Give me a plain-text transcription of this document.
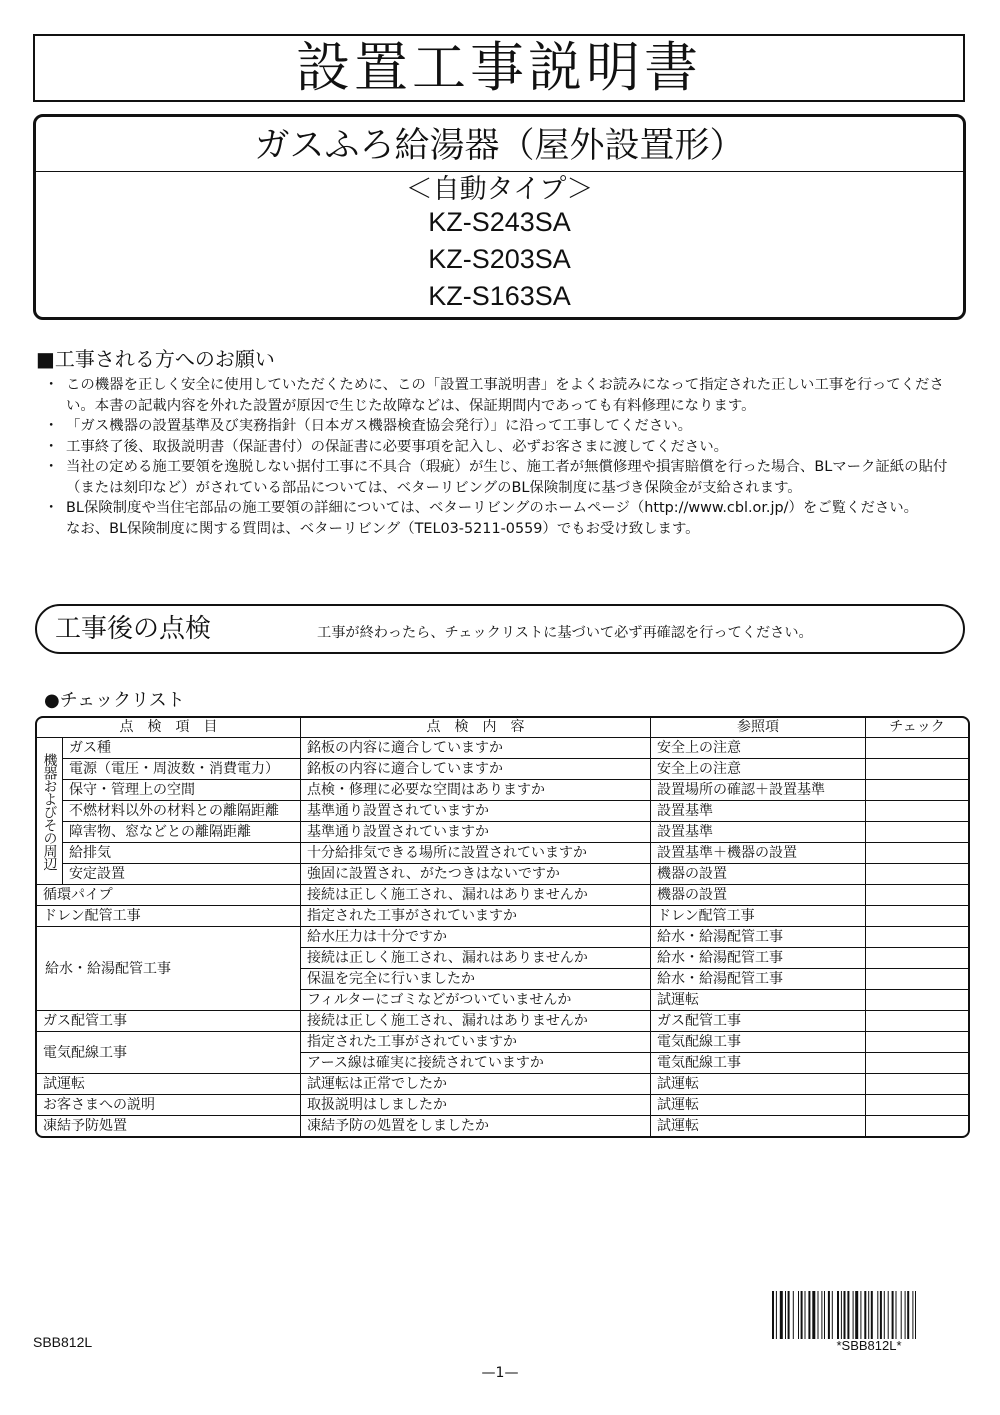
設置工事説明書
ガスふろ給湯器（屋外設置形）
＜自動タイプ＞
KZ-S243SA
KZ-S203SA
KZ-S163SA
■工事される方へのお願い
・ この機器を正しく安全に使用していただくために、この「設置工事説明書」をよくお読みになって指定された正しい工事を行ってください。本書の記載内容を外れた設置が原因で生じた故障などは、保証期間内であっても有料修理になります。
・ 「ガス機器の設置基準及び実務指針（日本ガス機器検査協会発行）」に沿って工事してください。
・ 工事終了後、取扱説明書（保証書付）の保証書に必要事項を記入し、必ずお客さまに渡してください。
・ 当社の定める施工要領を逸脱しない据付工事に不具合（瑕疵）が生じ、施工者が無償修理や損害賠償を行った場合、BLマーク証紙の貼付（または刻印など）がされている部品については、ベターリビングのBL保険制度に基づき保険金が支給されます。
・ BL保険制度や当住宅部品の施工要領の詳細については、ベターリビングのホームページ（http://www.cbl.or.jp/）をご覧ください。
なお、BL保険制度に関する質問は、ベターリビング（TEL03-5211-0559）でもお受け致します。
工事後の点検	工事が終わったら、チェックリストに基づいて必ず再確認を行ってください。
●チェックリスト
点　検　項　目		点　検　内　容	参照項	チェック
機器およびその周辺	ガス種	銘板の内容に適合していますか	安全上の注意	
	電源（電圧・周波数・消費電力）	銘板の内容に適合していますか	安全上の注意	
	保守・管理上の空間	点検・修理に必要な空間はありますか	設置場所の確認＋設置基準	
	不燃材料以外の材料との離隔距離	基準通り設置されていますか	設置基準	
	障害物、窓などとの離隔距離	基準通り設置されていますか	設置基準	
	給排気	十分給排気できる場所に設置されていますか	設置基準＋機器の設置	
	安定設置	強固に設置され、がたつきはないですか	機器の設置	
循環パイプ		接続は正しく施工され、漏れはありませんか	機器の設置	
ドレン配管工事		指定された工事がされていますか	ドレン配管工事	
給水・給湯配管工事		給水圧力は十分ですか	給水・給湯配管工事	
		接続は正しく施工され、漏れはありませんか	給水・給湯配管工事	
		保温を完全に行いましたか	給水・給湯配管工事	
		フィルターにゴミなどがついていませんか	試運転	
ガス配管工事		接続は正しく施工され、漏れはありませんか	ガス配管工事	
電気配線工事		指定された工事がされていますか	電気配線工事	
		アース線は確実に接続されていますか	電気配線工事	
試運転		試運転は正常でしたか	試運転	
お客さまへの説明		取扱説明はしましたか	試運転	
凍結予防処置		凍結予防の処置をしましたか	試運転	
SBB812L	*SBB812L*
—1—
